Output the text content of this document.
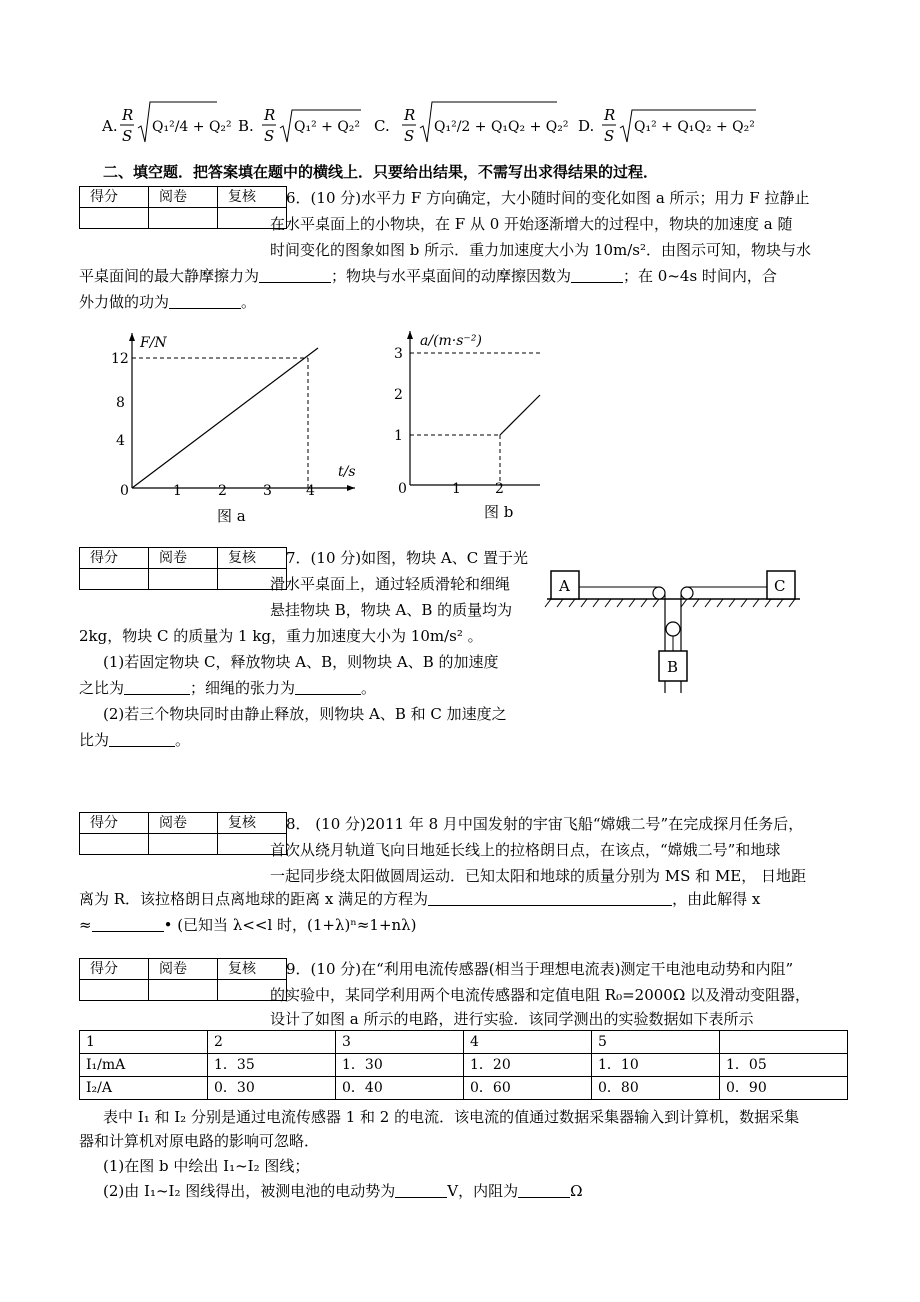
A.
R
S Q₁²/4 + Q₂² B.
R
S Q₁² + Q₂² C.
R
S Q₁²/2 + Q₁Q₂ + Q₂² D.
R
S Q₁² + Q₁Q₂ + Q₂²
二、填空题．把答案填在题中的横线上．只要给出结果，不需写出求得结果的过程．
得分	阅卷	复核
		6．(10 分)水平力 F 方向确定，大小随时间的变化如图 a 所示；用力 F 拉静止
在水平桌面上的小物块，在 F 从 0 开始逐渐增大的过程中，物块的加速度 a 随
时间变化的图象如图 b 所示．重力加速度大小为 10m/s²．由图示可知，物块与水
平桌面间的最大静摩擦力为	；物块与水平桌面间的动摩擦因数为	；在 0~4s 时间内，合
外力做的功为	。
F/N
t/s
4
8
12
0	1	2	3 4
图 a
a/(m·s⁻²)
3
2
1
0	1 2
图 b
得分	阅卷	复核
		7．(10 分)如图，物块 A、C 置于光
滑水平桌面上，通过轻质滑轮和细绳
悬挂物块 B，物块 A、B 的质量均为
2kg，物块 C 的质量为 1 kg，重力加速度大小为 10m/s² 。
(1)若固定物块 C，释放物块 A、B，则物块 A、B 的加速度
之比为	；细绳的张力为	。
(2)若三个物块同时由静止释放，则物块 A、B 和 C 加速度之
比为	。
A	C
B
得分	阅卷	复核
		8． (10 分)2011 年 8 月中国发射的宇宙飞船“嫦娥二号”在完成探月任务后，
首次从绕月轨道飞向日地延长线上的拉格朗日点，在该点，“嫦娥二号”和地球
一起同步绕太阳做圆周运动．已知太阳和地球的质量分别为 MS 和 ME， 日地距
离为 R．该拉格朗日点离地球的距离 x 满足的方程为	，由此解得 x
≈	• (已知当 λ<<l 时，(1+λ)ⁿ≈1+nλ)
得分	阅卷	复核
		9．(10 分)在“利用电流传感器(相当于理想电流表)测定干电池电动势和内阻”
的实验中，某同学利用两个电流传感器和定值电阻 R₀=2000Ω 以及滑动变阻器，
设计了如图 a 所示的电路，进行实验．该同学测出的实验数据如下表所示
1	2	3	4	5	
I₁/mA	1．35	1．30	1．20	1．10	1．05
I₂/A	0．30	0．40	0．60	0．80	0．90
表中 I₁ 和 I₂ 分别是通过电流传感器 1 和 2 的电流．该电流的值通过数据采集器输入到计算机，数据采集
器和计算机对原电路的影响可忽略．
(1)在图 b 中绘出 I₁~I₂ 图线；
(2)由 I₁~I₂ 图线得出，被测电池的电动势为	V，内阻为	Ω
